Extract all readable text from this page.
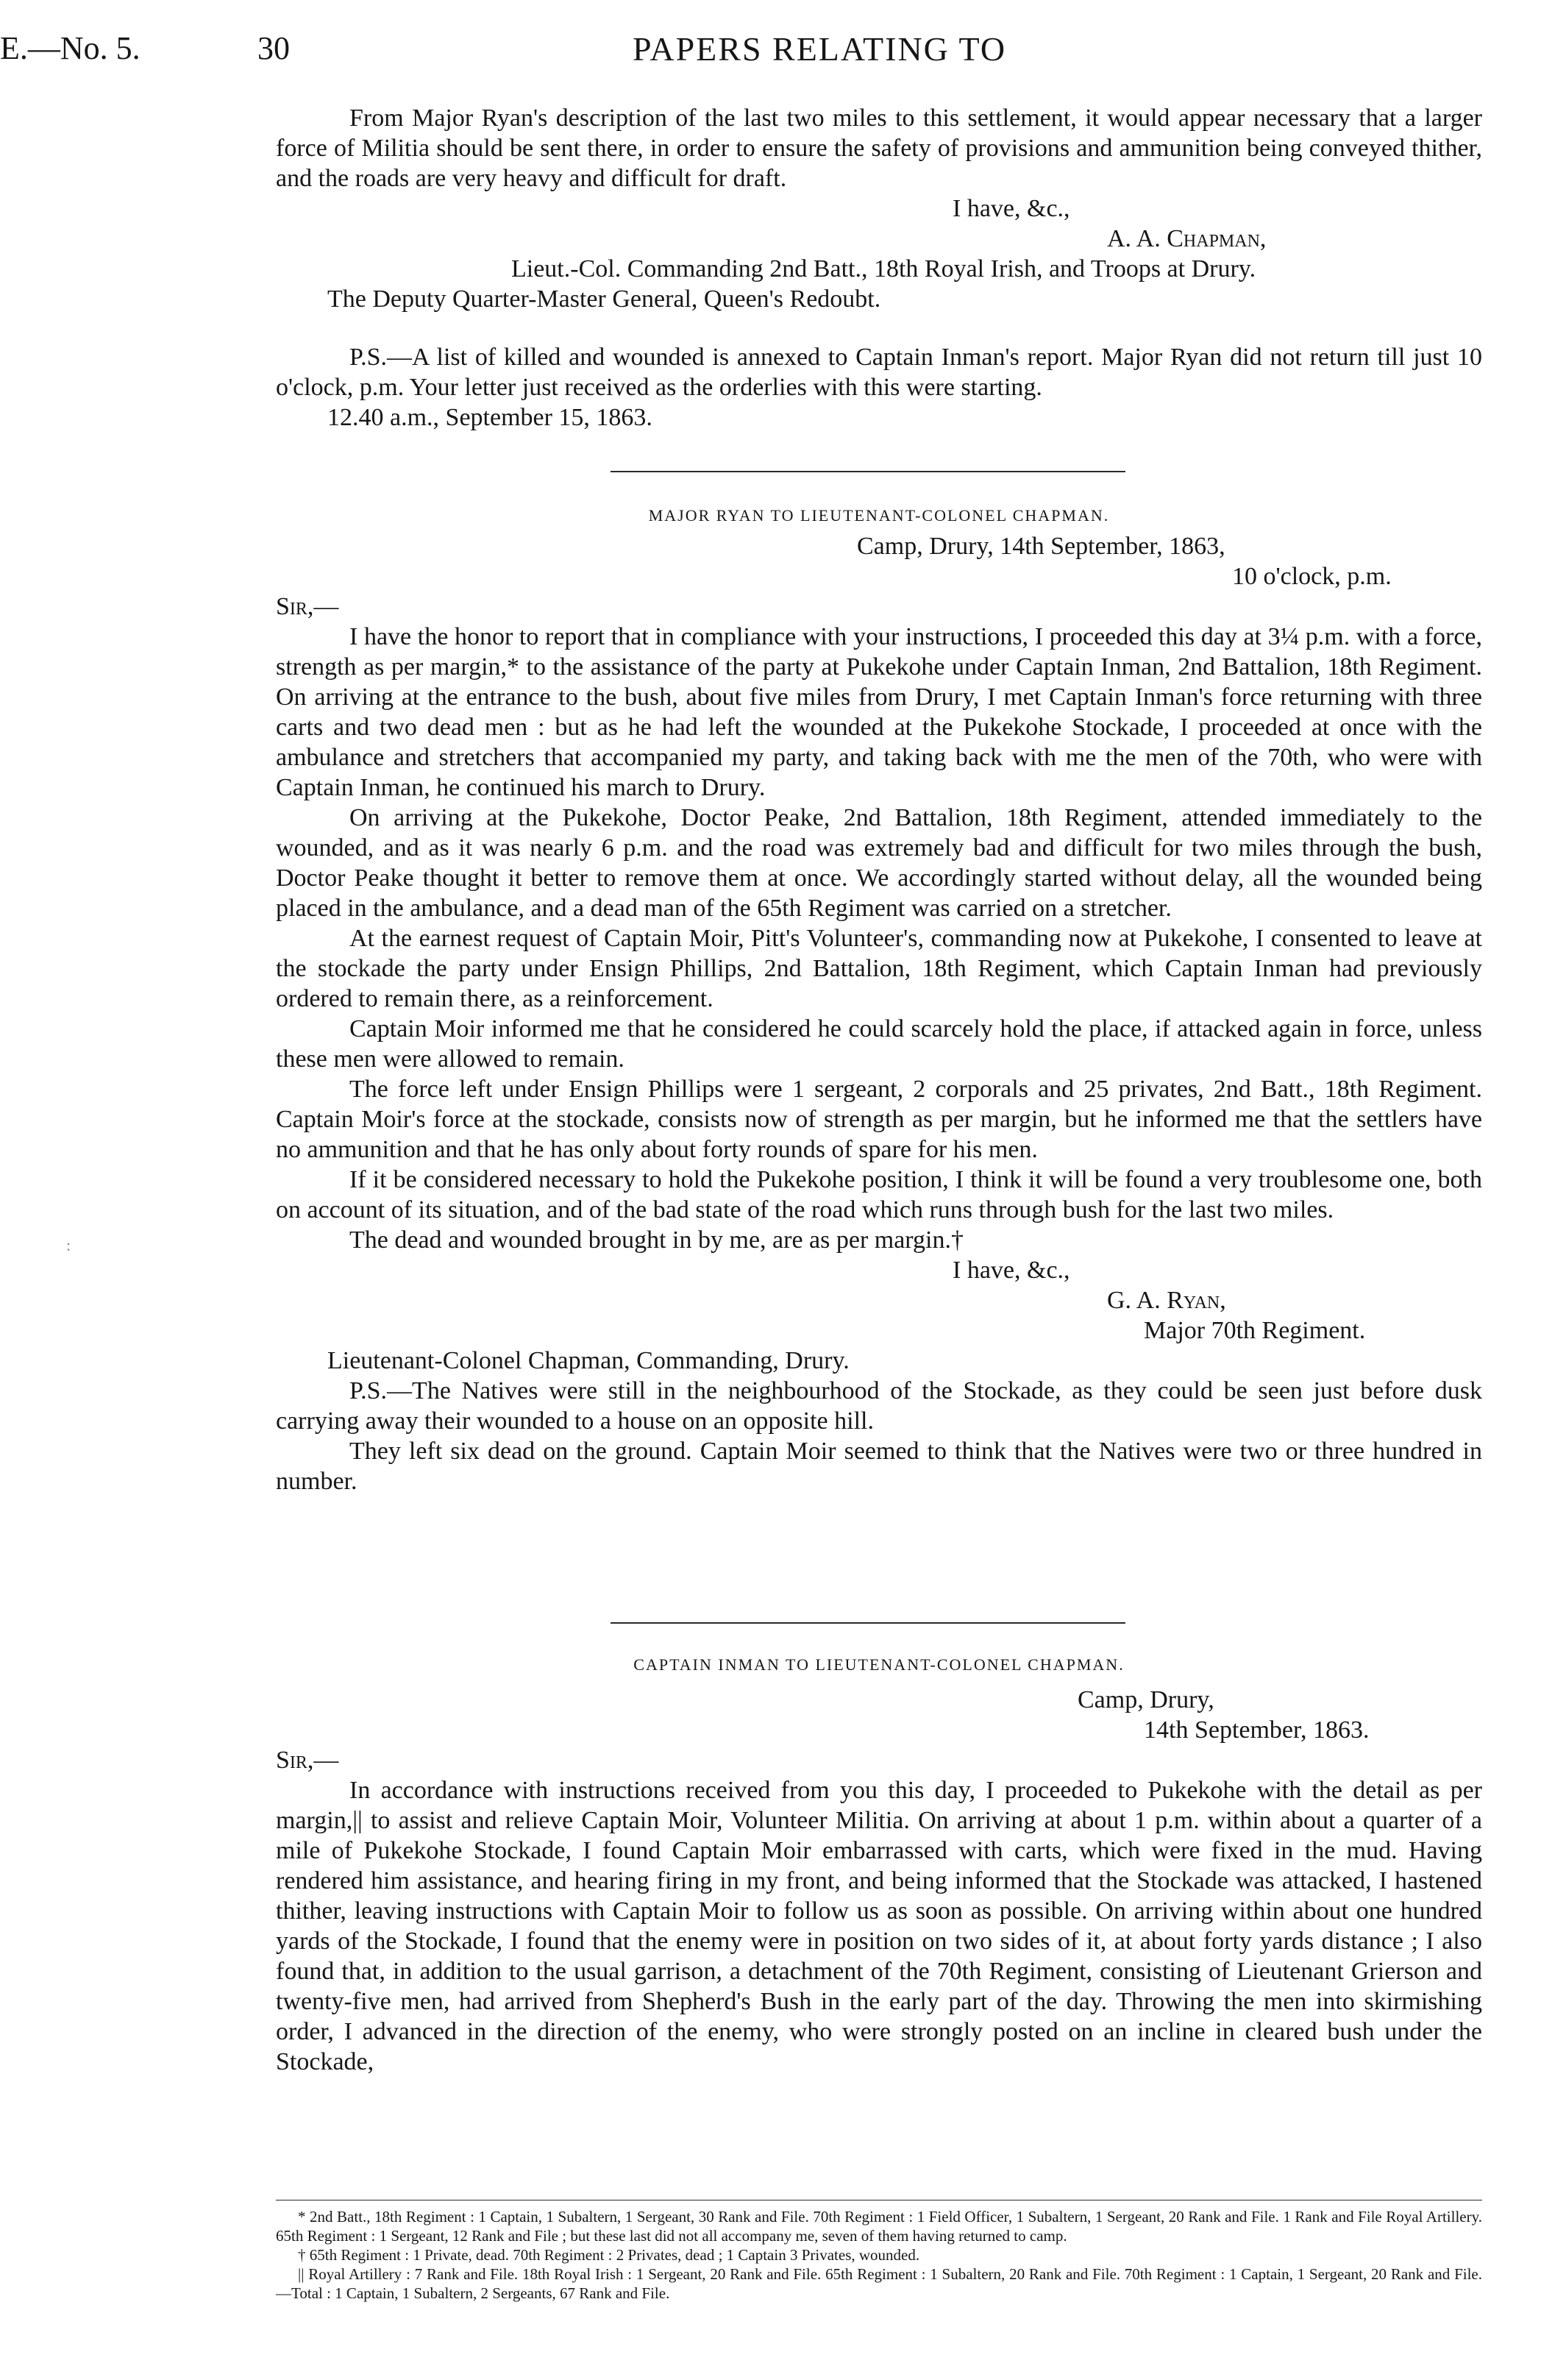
E.—No. 5.	30	PAPERS RELATING TO

From Major Ryan's description of the last two miles to this settlement, it would appear necessary that a larger force of Militia should be sent there, in order to ensure the safety of provisions and ammunition being conveyed thither, and the roads are very heavy and difficult for draft.

I have, &c.,

A. A. Chapman,

Lieut.-Col. Commanding 2nd Batt., 18th Royal Irish, and Troops at Drury.

The Deputy Quarter-Master General, Queen's Redoubt.

P.S.—A list of killed and wounded is annexed to Captain Inman's report. Major Ryan did not return till just 10 o'clock, p.m. Your letter just received as the orderlies with this were starting.

12.40 a.m., September 15, 1863.

MAJOR RYAN TO LIEUTENANT-COLONEL CHAPMAN.

Camp, Drury, 14th September, 1863,

10 o'clock, p.m.

Sir,—

I have the honor to report that in compliance with your instructions, I proceeded this day at 3¼ p.m. with a force, strength as per margin,* to the assistance of the party at Pukekohe under Captain Inman, 2nd Battalion, 18th Regiment. On arriving at the entrance to the bush, about five miles from Drury, I met Captain Inman's force returning with three carts and two dead men : but as he had left the wounded at the Pukekohe Stockade, I proceeded at once with the ambulance and stretchers that accompanied my party, and taking back with me the men of the 70th, who were with Captain Inman, he continued his march to Drury.

On arriving at the Pukekohe, Doctor Peake, 2nd Battalion, 18th Regiment, attended immediately to the wounded, and as it was nearly 6 p.m. and the road was extremely bad and difficult for two miles through the bush, Doctor Peake thought it better to remove them at once. We accordingly started without delay, all the wounded being placed in the ambulance, and a dead man of the 65th Regiment was carried on a stretcher.

At the earnest request of Captain Moir, Pitt's Volunteer's, commanding now at Pukekohe, I consented to leave at the stockade the party under Ensign Phillips, 2nd Battalion, 18th Regiment, which Captain Inman had previously ordered to remain there, as a reinforcement.

Captain Moir informed me that he considered he could scarcely hold the place, if attacked again in force, unless these men were allowed to remain.

The force left under Ensign Phillips were 1 sergeant, 2 corporals and 25 privates, 2nd Batt., 18th Regiment. Captain Moir's force at the stockade, consists now of strength as per margin, but he informed me that the settlers have no ammunition and that he has only about forty rounds of spare for his men.

If it be considered necessary to hold the Pukekohe position, I think it will be found a very troublesome one, both on account of its situation, and of the bad state of the road which runs through bush for the last two miles.

The dead and wounded brought in by me, are as per margin.†

I have, &c.,

G. A. Ryan,

Major 70th Regiment.

Lieutenant-Colonel Chapman, Commanding, Drury.

P.S.—The Natives were still in the neighbourhood of the Stockade, as they could be seen just before dusk carrying away their wounded to a house on an opposite hill.

They left six dead on the ground. Captain Moir seemed to think that the Natives were two or three hundred in number.

CAPTAIN INMAN TO LIEUTENANT-COLONEL CHAPMAN.

Camp, Drury,

14th September, 1863.

Sir,—

In accordance with instructions received from you this day, I proceeded to Pukekohe with the detail as per margin,|| to assist and relieve Captain Moir, Volunteer Militia. On arriving at about 1 p.m. within about a quarter of a mile of Pukekohe Stockade, I found Captain Moir embarrassed with carts, which were fixed in the mud. Having rendered him assistance, and hearing firing in my front, and being informed that the Stockade was attacked, I hastened thither, leaving instructions with Captain Moir to follow us as soon as possible. On arriving within about one hundred yards of the Stockade, I found that the enemy were in position on two sides of it, at about forty yards distance ; I also found that, in addition to the usual garrison, a detachment of the 70th Regiment, consisting of Lieutenant Grierson and twenty-five men, had arrived from Shepherd's Bush in the early part of the day. Throwing the men into skirmishing order, I advanced in the direction of the enemy, who were strongly posted on an incline in cleared bush under the Stockade,

* 2nd Batt., 18th Regiment : 1 Captain, 1 Subaltern, 1 Sergeant, 30 Rank and File. 70th Regiment : 1 Field Officer, 1 Subaltern, 1 Sergeant, 20 Rank and File. 1 Rank and File Royal Artillery. 65th Regiment : 1 Sergeant, 12 Rank and File ; but these last did not all accompany me, seven of them having returned to camp.

† 65th Regiment : 1 Private, dead. 70th Regiment : 2 Privates, dead ; 1 Captain 3 Privates, wounded.

|| Royal Artillery : 7 Rank and File. 18th Royal Irish : 1 Sergeant, 20 Rank and File. 65th Regiment : 1 Subaltern, 20 Rank and File. 70th Regiment : 1 Captain, 1 Sergeant, 20 Rank and File.—Total : 1 Captain, 1 Subaltern, 2 Sergeants, 67 Rank and File.

:
